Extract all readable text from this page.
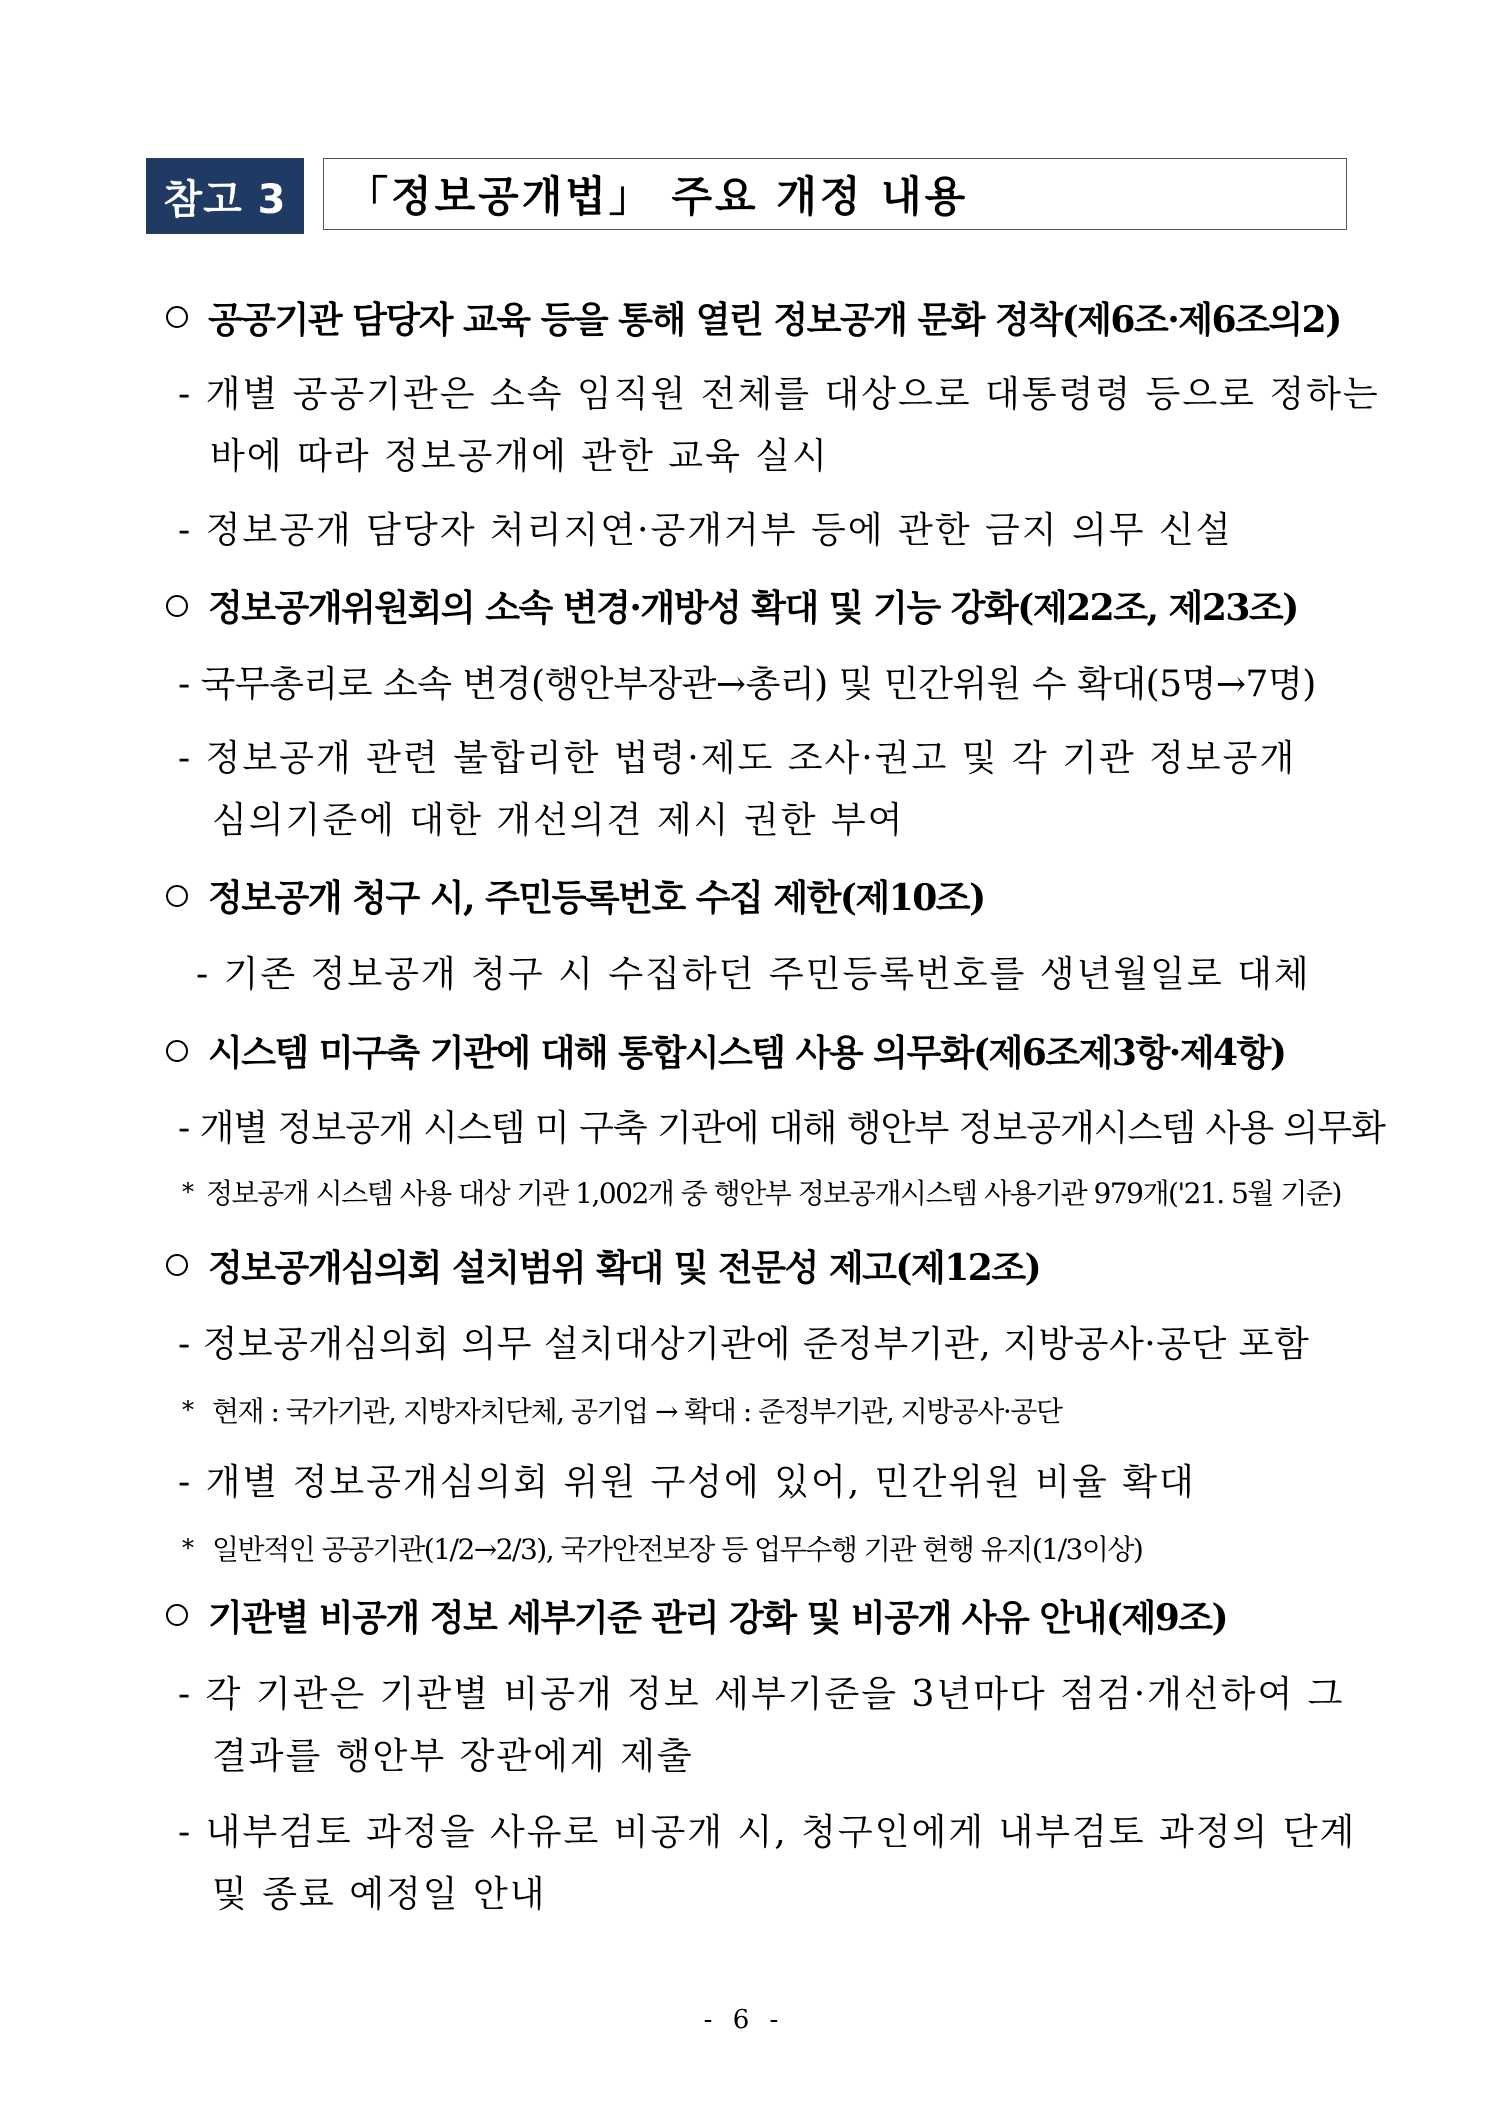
참고 3	「정보공개법」 주요 개정 내용
공공기관 담당자 교육 등을 통해 열린 정보공개 문화 정착(제6조·제6조의2)
- 개별 공공기관은 소속 임직원 전체를 대상으로 대통령령 등으로 정하는
바에 따라 정보공개에 관한 교육 실시
- 정보공개 담당자 처리지연·공개거부 등에 관한 금지 의무 신설
정보공개위원회의 소속 변경·개방성 확대 및 기능 강화(제22조, 제23조)
- 국무총리로 소속 변경(행안부장관→총리) 및 민간위원 수 확대(5명→7명)
- 정보공개 관련 불합리한 법령·제도 조사·권고 및 각 기관 정보공개
심의기준에 대한 개선의견 제시 권한 부여
정보공개 청구 시, 주민등록번호 수집 제한(제10조)
- 기존 정보공개 청구 시 수집하던 주민등록번호를 생년월일로 대체
시스템 미구축 기관에 대해 통합시스템 사용 의무화(제6조제3항·제4항)
- 개별 정보공개 시스템 미 구축 기관에 대해 행안부 정보공개시스템 사용 의무화
* 정보공개 시스템 사용 대상 기관 1,002개 중 행안부 정보공개시스템 사용기관 979개('21. 5월 기준)
정보공개심의회 설치범위 확대 및 전문성 제고(제12조)
- 정보공개심의회 의무 설치대상기관에 준정부기관, 지방공사·공단 포함
* 현재 : 국가기관, 지방자치단체, 공기업 → 확대 : 준정부기관, 지방공사·공단
- 개별 정보공개심의회 위원 구성에 있어, 민간위원 비율 확대
* 일반적인 공공기관(1/2→2/3), 국가안전보장 등 업무수행 기관 현행 유지(1/3이상)
기관별 비공개 정보 세부기준 관리 강화 및 비공개 사유 안내(제9조)
- 각 기관은 기관별 비공개 정보 세부기준을 3년마다 점검·개선하여 그
결과를 행안부 장관에게 제출
- 내부검토 과정을 사유로 비공개 시, 청구인에게 내부검토 과정의 단계
및 종료 예정일 안내
- 6 -
